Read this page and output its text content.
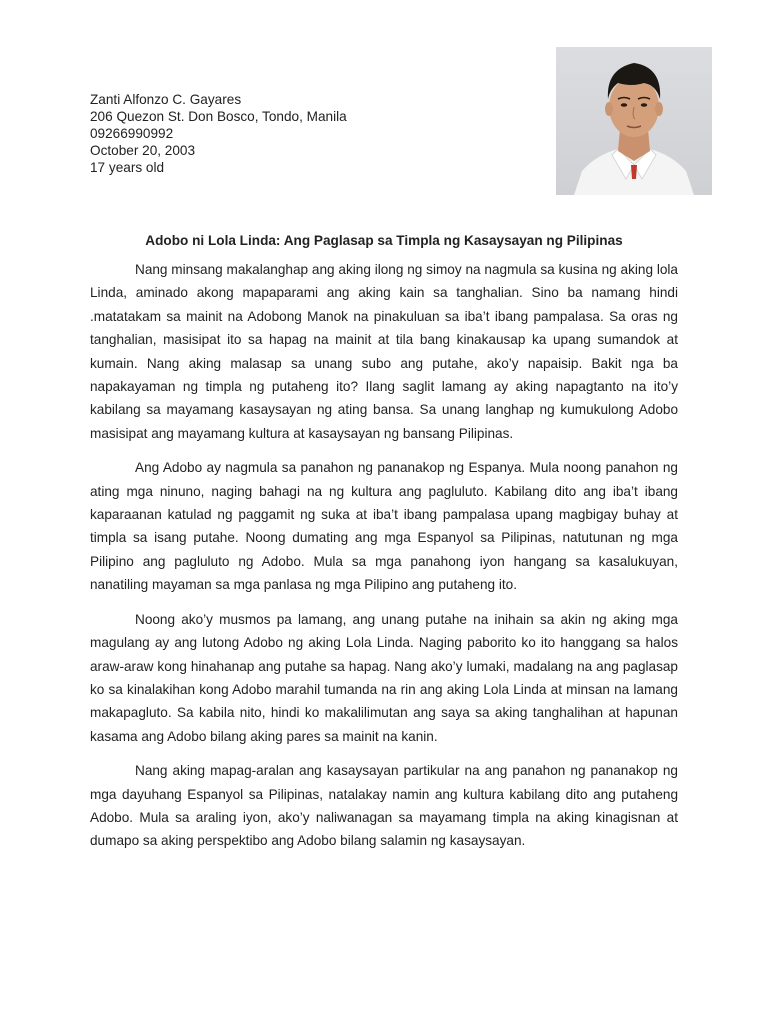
Zanti Alfonzo C. Gayares
206 Quezon St. Don Bosco, Tondo, Manila
09266990992
October 20, 2003
17 years old
Adobo ni Lola Linda: Ang Paglasap sa Timpla ng Kasaysayan ng Pilipinas

Nang minsang makalanghap ang aking ilong ng simoy na nagmula sa kusina ng aking lola Linda, aminado akong mapaparami ang aking kain sa tanghalian. Sino ba namang hindi .matatakam sa mainit na Adobong Manok na pinakuluan sa iba’t ibang pampalasa. Sa oras ng tanghalian, masisipat ito sa hapag na mainit at tila bang kinakausap ka upang sumandok at kumain. Nang aking malasap sa unang subo ang putahe, ako’y napaisip. Bakit nga ba napakayaman ng timpla ng putaheng ito? Ilang saglit lamang ay aking napagtanto na ito’y kabilang sa mayamang kasaysayan ng ating bansa. Sa unang langhap ng kumukulong Adobo masisipat ang mayamang kultura at kasaysayan ng bansang Pilipinas.

Ang Adobo ay nagmula sa panahon ng pananakop ng Espanya. Mula noong panahon ng ating mga ninuno, naging bahagi na ng kultura ang pagluluto. Kabilang dito ang iba’t ibang kaparaanan katulad ng paggamit ng suka at iba’t ibang pampalasa upang magbigay buhay at timpla sa isang putahe. Noong dumating ang mga Espanyol sa Pilipinas, natutunan ng mga Pilipino ang pagluluto ng Adobo. Mula sa mga panahong iyon hangang sa kasalukuyan, nanatiling mayaman sa mga panlasa ng mga Pilipino ang putaheng ito.

Noong ako’y musmos pa lamang, ang unang putahe na inihain sa akin ng aking mga magulang ay ang lutong Adobo ng aking Lola Linda. Naging paborito ko ito hanggang sa halos araw-araw kong hinahanap ang putahe sa hapag. Nang ako’y lumaki, madalang na ang paglasap ko sa kinalakihan kong Adobo marahil tumanda na rin ang aking Lola Linda at minsan na lamang makapagluto. Sa kabila nito, hindi ko makalilimutan ang saya sa aking tanghalihan at hapunan kasama ang Adobo bilang aking pares sa mainit na kanin.

Nang aking mapag-aralan ang kasaysayan partikular na ang panahon ng pananakop ng mga dayuhang Espanyol sa Pilipinas, natalakay namin ang kultura kabilang dito ang putaheng Adobo. Mula sa araling iyon, ako’y naliwanagan sa mayamang timpla na aking kinagisnan at dumapo sa aking perspektibo ang Adobo bilang salamin ng kasaysayan.
